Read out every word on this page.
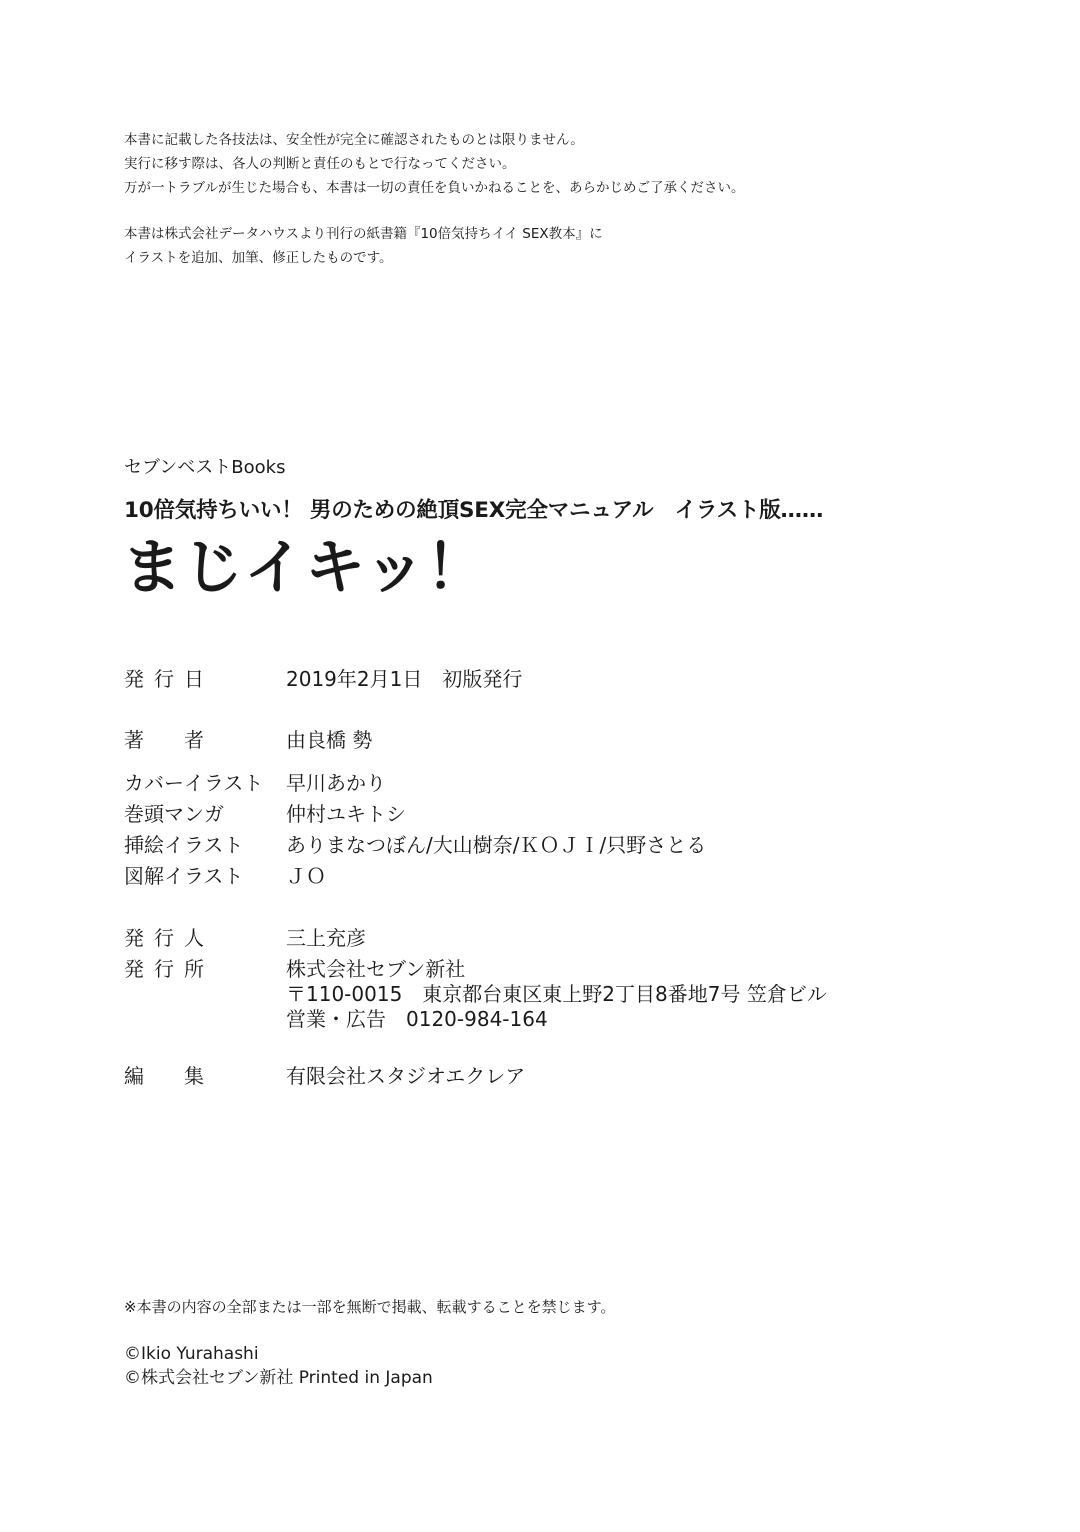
本書に記載した各技法は、安全性が完全に確認されたものとは限りません。

実行に移す際は、各人の判断と責任のもとで行なってください。

万が一トラブルが生じた場合も、本書は一切の責任を負いかねることを、あらかじめご了承ください。

本書は株式会社データハウスより刊行の紙書籍『10倍気持ちイイ SEX教本』に

イラストを追加、加筆、修正したものです。

セブンベストBooks
10倍気持ちいい！ 男のための絶頂SEX完全マニュアル　イラスト版……
まじイキッ！
発行日	2019年2月1日　初版発行
著者 由良橋 勢
カバーイラスト 早川あかり
巻頭マンガ	仲村ユキトシ
挿絵イラスト ありまなつぼん/大山樹奈/ＫＯＪＩ/只野さとる
図解イラスト ＪＯ
発行人	三上充彦
発行所	株式会社セブン新社
〒110-0015　東京都台東区東上野2丁目8番地7号 笠倉ビル
営業・広告　0120-984-164
編集 有限会社スタジオエクレア
※本書の内容の全部または一部を無断で掲載、転載することを禁じます。

©Ikio Yurahashi

©株式会社セブン新社 Printed in Japan
